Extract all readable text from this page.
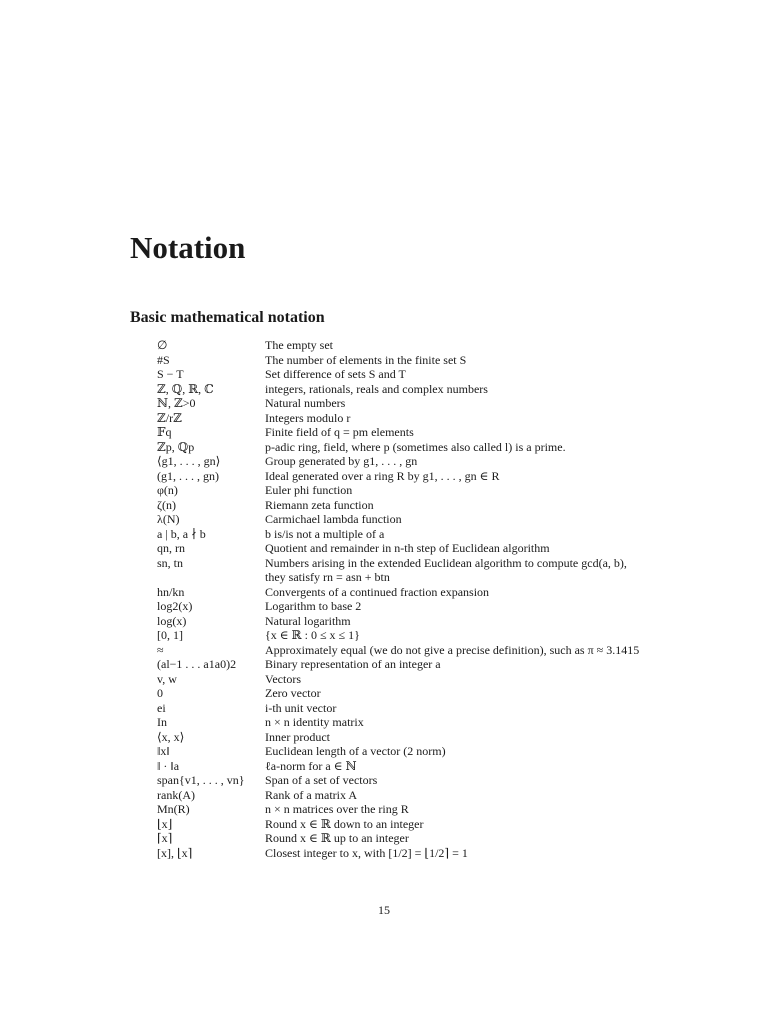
Notation
Basic mathematical notation
∅	The empty set
#S	The number of elements in the finite set S
S − T	Set difference of sets S and T
ℤ, ℚ, ℝ, ℂ	integers, rationals, reals and complex numbers
ℕ, ℤ>0	Natural numbers
ℤ/rℤ	Integers modulo r
𝔽q	Finite field of q = pm elements
ℤp, ℚp	p-adic ring, field, where p (sometimes also called l) is a prime.
⟨g1, . . . , gn⟩	Group generated by g1, . . . , gn
(g1, . . . , gn)	Ideal generated over a ring R by g1, . . . , gn ∈ R
φ(n)	Euler phi function
ζ(n)	Riemann zeta function
λ(N)	Carmichael lambda function
a | b, a ∤ b	b is/is not a multiple of a
qn, rn	Quotient and remainder in n-th step of Euclidean algorithm
sn, tn	Numbers arising in the extended Euclidean algorithm to compute gcd(a, b),
they satisfy rn = asn + btn
hn/kn	Convergents of a continued fraction expansion
log2(x)	Logarithm to base 2
log(x)	Natural logarithm
[0, 1]	{x ∈ ℝ : 0 ≤ x ≤ 1}
≈	Approximately equal (we do not give a precise definition), such as π ≈ 3.1415
(al−1 . . . a1a0)2	Binary representation of an integer a
v, w	Vectors
0	Zero vector
ei	i-th unit vector
In	n × n identity matrix
⟨x, x⟩	Inner product
‖x‖	Euclidean length of a vector (2 norm)
‖ · ‖a	ℓa-norm for a ∈ ℕ
span{v1, . . . , vn}	Span of a set of vectors
rank(A)	Rank of a matrix A
Mn(R)	n × n matrices over the ring R
⌊x⌋	Round x ∈ ℝ down to an integer
⌈x⌉	Round x ∈ ℝ up to an integer
[x], ⌊x⌉	Closest integer to x, with [1/2] = ⌊1/2⌉ = 1
15
